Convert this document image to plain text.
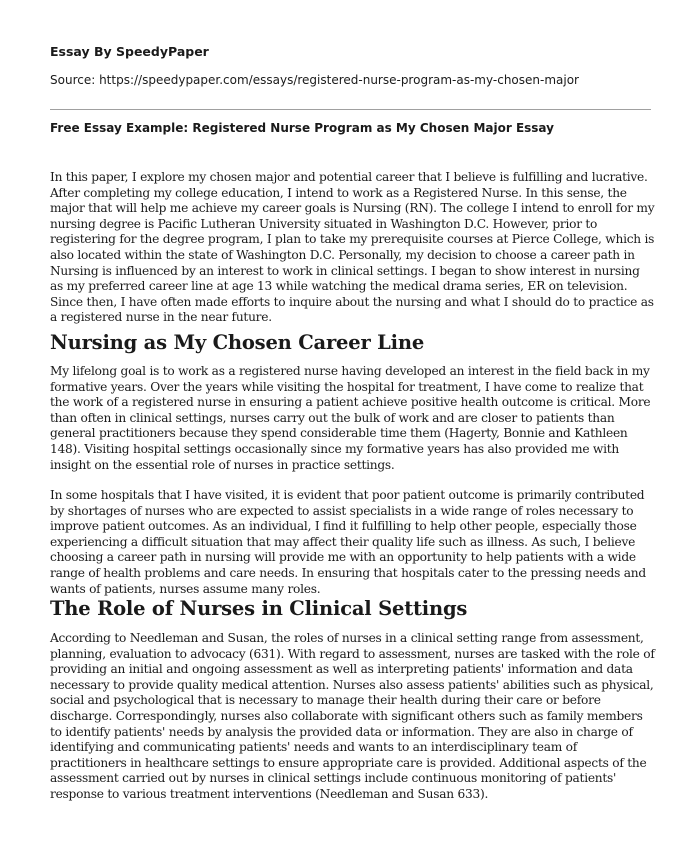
Essay By SpeedyPaper

Source: https://speedypaper.com/essays/registered-nurse-program-as-my-chosen-major

Free Essay Example: Registered Nurse Program as My Chosen Major Essay

In this paper, I explore my chosen major and potential career that I believe is fulfilling and lucrative. After completing my college education, I intend to work as a Registered Nurse. In this sense, the major that will help me achieve my career goals is Nursing (RN). The college I intend to enroll for my nursing degree is Pacific Lutheran University situated in Washington D.C. However, prior to registering for the degree program, I plan to take my prerequisite courses at Pierce College, which is also located within the state of Washington D.C. Personally, my decision to choose a career path in Nursing is influenced by an interest to work in clinical settings. I began to show interest in nursing as my preferred career line at age 13 while watching the medical drama series, ER on television. Since then, I have often made efforts to inquire about the nursing and what I should do to practice as a registered nurse in the near future.

Nursing as My Chosen Career Line

My lifelong goal is to work as a registered nurse having developed an interest in the field back in my formative years. Over the years while visiting the hospital for treatment, I have come to realize that the work of a registered nurse in ensuring a patient achieve positive health outcome is critical. More than often in clinical settings, nurses carry out the bulk of work and are closer to patients than general practitioners because they spend considerable time them (Hagerty, Bonnie and Kathleen 148). Visiting hospital settings occasionally since my formative years has also provided me with insight on the essential role of nurses in practice settings.

In some hospitals that I have visited, it is evident that poor patient outcome is primarily contributed by shortages of nurses who are expected to assist specialists in a wide range of roles necessary to improve patient outcomes. As an individual, I find it fulfilling to help other people, especially those experiencing a difficult situation that may affect their quality life such as illness. As such, I believe choosing a career path in nursing will provide me with an opportunity to help patients with a wide range of health problems and care needs. In ensuring that hospitals cater to the pressing needs and wants of patients, nurses assume many roles.

The Role of Nurses in Clinical Settings

According to Needleman and Susan, the roles of nurses in a clinical setting range from assessment, planning, evaluation to advocacy (631). With regard to assessment, nurses are tasked with the role of providing an initial and ongoing assessment as well as interpreting patients' information and data necessary to provide quality medical attention. Nurses also assess patients' abilities such as physical, social and psychological that is necessary to manage their health during their care or before discharge. Correspondingly, nurses also collaborate with significant others such as family members to identify patients' needs by analysis the provided data or information. They are also in charge of identifying and communicating patients' needs and wants to an interdisciplinary team of practitioners in healthcare settings to ensure appropriate care is provided. Additional aspects of the assessment carried out by nurses in clinical settings include continuous monitoring of patients' response to various treatment interventions (Needleman and Susan 633).
